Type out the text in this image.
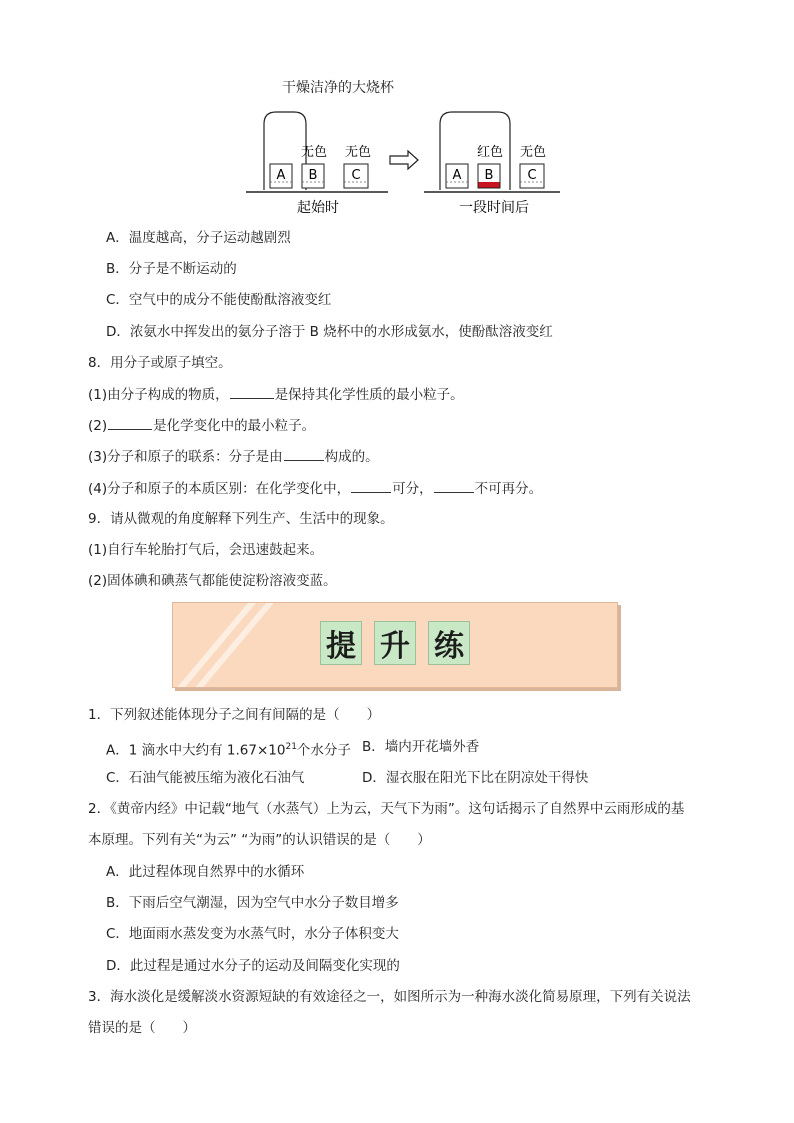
干燥洁净的大烧杯
A B	C
无色 无色
起始时
A B	C
红色 无色
一段时间后
A．温度越高，分子运动越剧烈
B．分子是不断运动的
C．空气中的成分不能使酚酞溶液变红
D．浓氨水中挥发出的氨分子溶于 B 烧杯中的水形成氨水，使酚酞溶液变红
8．用分子或原子填空。
(1)由分子构成的物质，	是保持其化学性质的最小粒子。
(2)	是化学变化中的最小粒子。
(3)分子和原子的联系：分子是由	构成的。
(4)分子和原子的本质区别：在化学变化中，	可分，	不可再分。
9．请从微观的角度解释下列生产、生活中的现象。
(1)自行车轮胎打气后，会迅速鼓起来。
(2)固体碘和碘蒸气都能使淀粉溶液变蓝。
提 升 练
1．下列叙述能体现分子之间有间隔的是（　　）
A．1 滴水中大约有 $1.67\times 10^{21}$个水分子 B．墙内开花墙外香
C．石油气能被压缩为液化石油气	D．湿衣服在阳光下比在阴凉处干得快
2．《黄帝内经》中记载“地气（水蒸气）上为云，天气下为雨”。这句话揭示了自然界中云雨形成的基
本原理。下列有关“为云” “为雨”的认识错误的是（　　）
A．此过程体现自然界中的水循环
B．下雨后空气潮湿，因为空气中水分子数目增多
C．地面雨水蒸发变为水蒸气时，水分子体积变大
D．此过程是通过水分子的运动及间隔变化实现的
3．海水淡化是缓解淡水资源短缺的有效途径之一，如图所示为一种海水淡化简易原理，下列有关说法
错误的是（　　）
